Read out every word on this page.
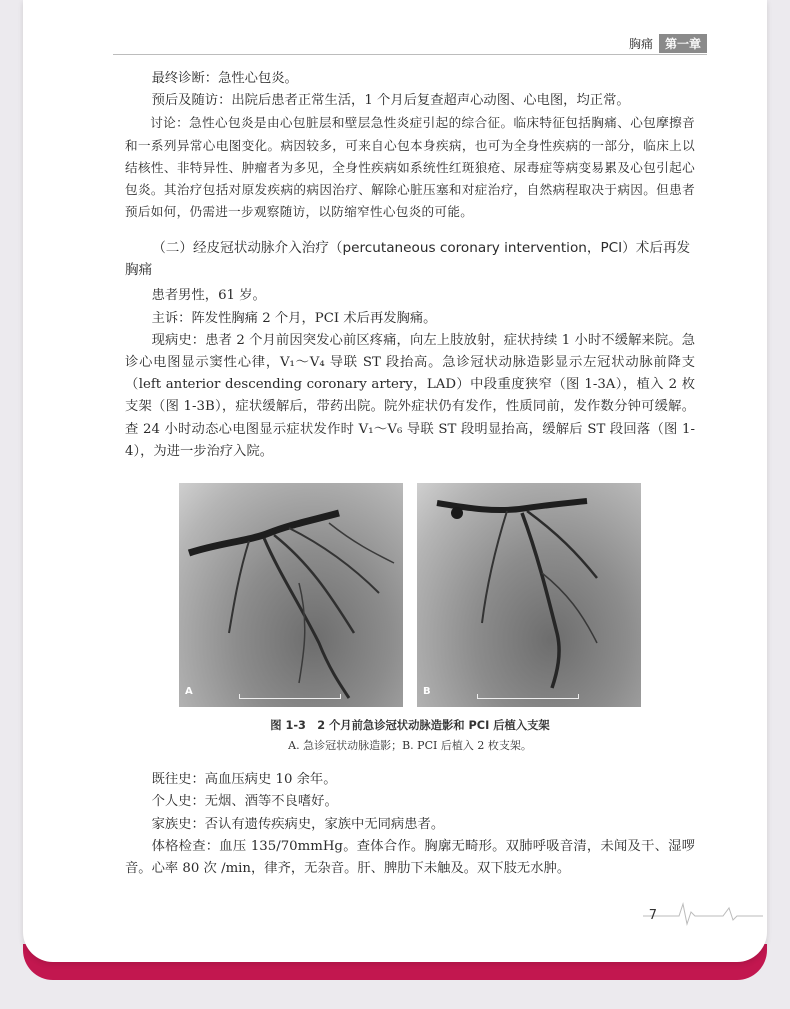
胸痛	第一章

最终诊断：急性心包炎。

预后及随访：出院后患者正常生活，1 个月后复查超声心动图、心电图，均正常。

讨论：急性心包炎是由心包脏层和壁层急性炎症引起的综合征。临床特征包括胸痛、心包摩擦音和一系列异常心电图变化。病因较多，可来自心包本身疾病，也可为全身性疾病的一部分，临床上以结核性、非特异性、肿瘤者为多见，全身性疾病如系统性红斑狼疮、尿毒症等病变易累及心包引起心包炎。其治疗包括对原发疾病的病因治疗、解除心脏压塞和对症治疗，自然病程取决于病因。但患者预后如何，仍需进一步观察随访，以防缩窄性心包炎的可能。

（二）经皮冠状动脉介入治疗（percutaneous coronary intervention，PCI）术后再发胸痛

患者男性，61 岁。

主诉：阵发性胸痛 2 个月，PCI 术后再发胸痛。

现病史：患者 2 个月前因突发心前区疼痛，向左上肢放射，症状持续 1 小时不缓解来院。急诊心电图显示窦性心律，V₁～V₄ 导联 ST 段抬高。急诊冠状动脉造影显示左冠状动脉前降支（left anterior descending coronary artery，LAD）中段重度狭窄（图 1-3A），植入 2 枚支架（图 1-3B），症状缓解后，带药出院。院外症状仍有发作，性质同前，发作数分钟可缓解。查 24 小时动态心电图显示症状发作时 V₁～V₆ 导联 ST 段明显抬高，缓解后 ST 段回落（图 1-4），为进一步治疗入院。

A	B
图 1-3　2 个月前急诊冠状动脉造影和 PCI 后植入支架
A. 急诊冠状动脉造影；B. PCI 后植入 2 枚支架。

既往史：高血压病史 10 余年。

个人史：无烟、酒等不良嗜好。

家族史：否认有遗传疾病史，家族中无同病患者。

体格检查：血压 135/70mmHg。查体合作。胸廓无畸形。双肺呼吸音清，未闻及干、湿啰音。心率 80 次 /min，律齐，无杂音。肝、脾肋下未触及。双下肢无水肿。

7
